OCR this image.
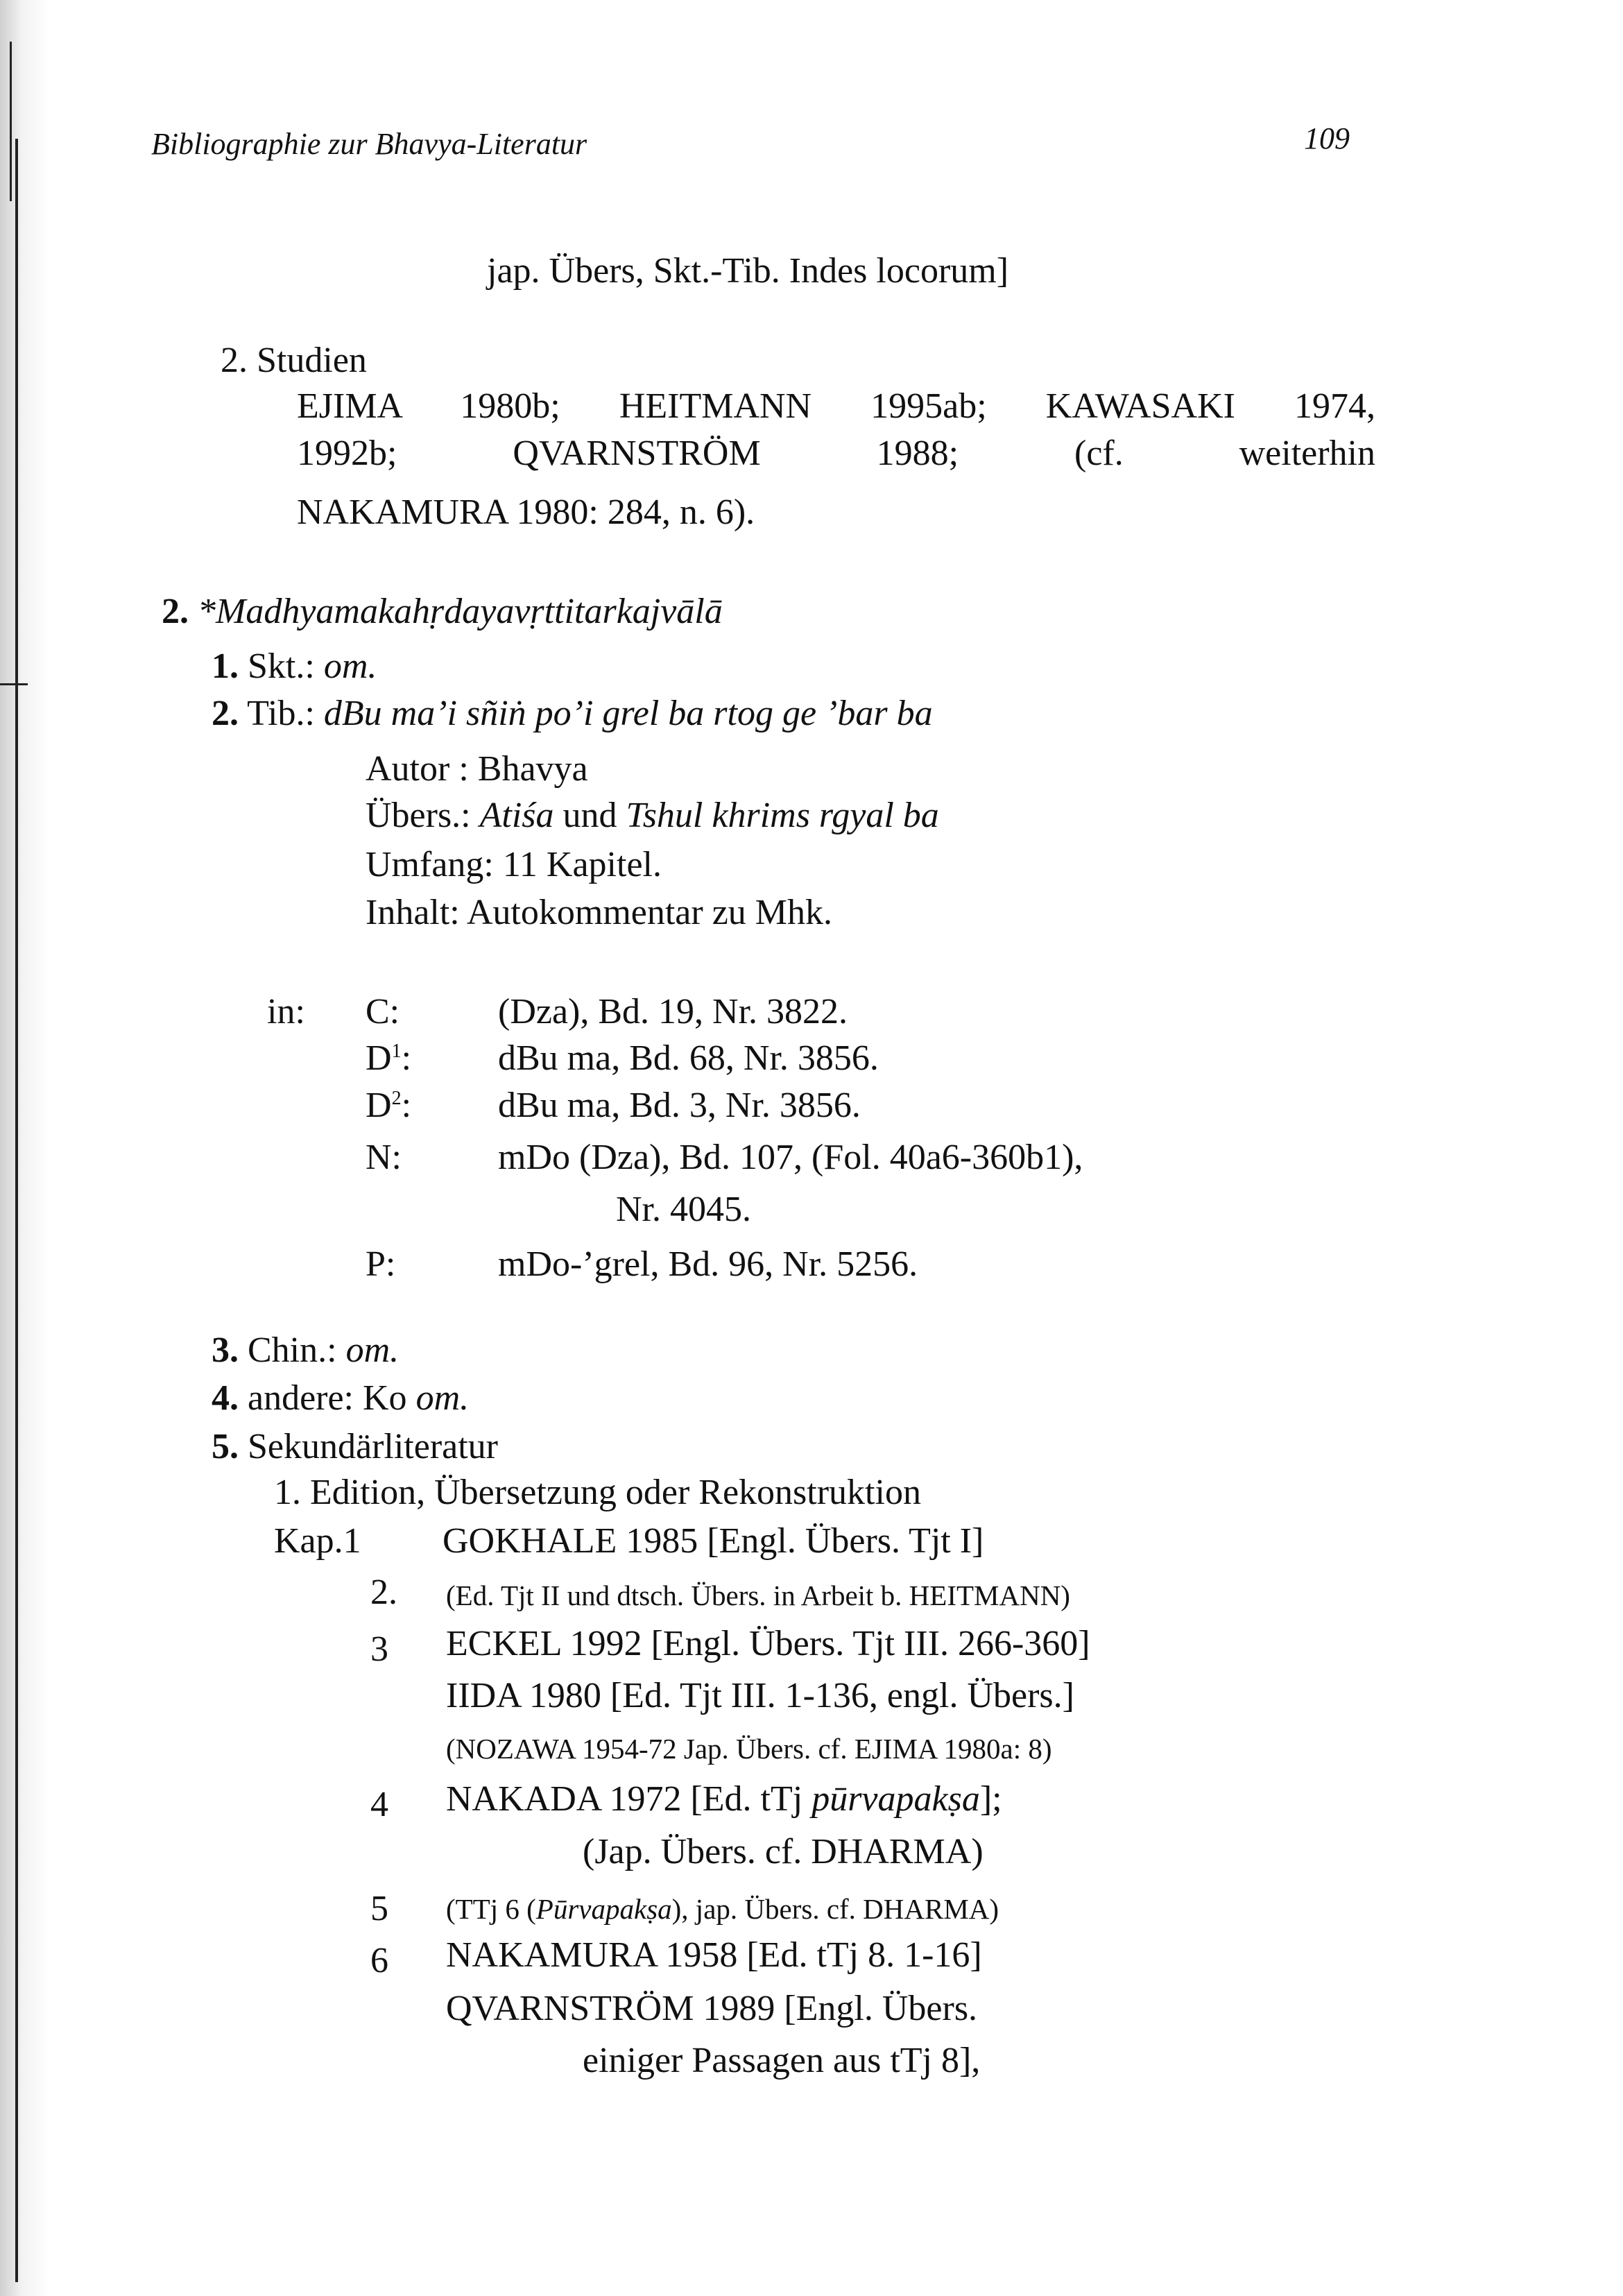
Bibliographie zur Bhavya-Literatur	109
jap. Übers, Skt.-Tib. Indes locorum]
2. Studien
EJIMA 1980b; HEITMANN 1995ab; KAWASAKI 1974,
1992b; QVARNSTRÖM 1988; (cf. weiterhin
NAKAMURA 1980: 284, n. 6).
2. *Madhyamakahṛdayavṛttitarkajvālā
1. Skt.: om.
2. Tib.: dBu ma’i sñiṅ po’i grel ba rtog ge ’bar ba
Autor : Bhavya
Übers.: Atiśa und Tshul khrims rgyal ba
Umfang: 11 Kapitel.
Inhalt: Autokommentar zu Mhk.
in: C:	(Dza), Bd. 19, Nr. 3822.
$D^1$: dBu ma, Bd. 68, Nr. 3856.
$D^2$: dBu ma, Bd. 3, Nr. 3856.
N:	mDo (Dza), Bd. 107, (Fol. 40a6-360b1),
Nr. 4045.
P:	mDo-’grel, Bd. 96, Nr. 5256.
3. Chin.: om.
4. andere: Ko om.
5. Sekundärliteratur
1. Edition, Übersetzung oder Rekonstruktion
Kap.1 GOKHALE 1985 [Engl. Übers. Tjt I]
2. (Ed. Tjt II und dtsch. Übers. in Arbeit b. HEITMANN)
3 ECKEL 1992 [Engl. Übers. Tjt III. 266-360]
IIDA 1980 [Ed. Tjt III. 1-136, engl. Übers.]
(NOZAWA 1954-72 Jap. Übers. cf. EJIMA 1980a: 8)
4 NAKADA 1972 [Ed. tTj pūrvapakṣa];
(Jap. Übers. cf. DHARMA)
5 (TTj 6 (Pūrvapakṣa), jap. Übers. cf. DHARMA)
6 NAKAMURA 1958 [Ed. tTj 8. 1-16]
QVARNSTRÖM 1989 [Engl. Übers.
einiger Passagen aus tTj 8],
